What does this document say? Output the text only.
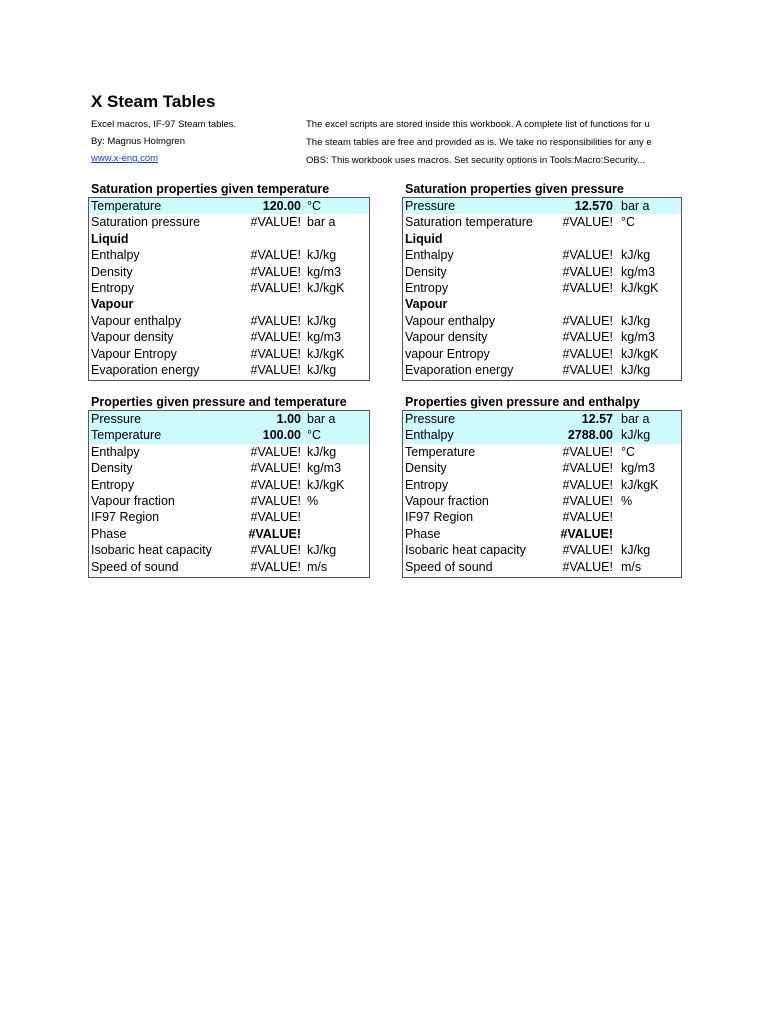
X Steam Tables
Excel macros, IF-97 Steam tables.
By: Magnus Holmgren
www.x-eng.com
The excel scripts are stored inside this workbook. A complete list of functions for u
The steam tables are free and provided as is. We take no responsibilities for any e
OBS: This workbook uses macros. Set security options in Tools:Macro:Security...
Saturation properties given temperature	Saturation properties given pressure
Properties given pressure and temperature	Properties given pressure and enthalpy
Temperature	120.00 °C
Saturation pressure	#VALUE! bar a
Liquid
Enthalpy	#VALUE! kJ/kg
Density	#VALUE! kg/m3
Entropy	#VALUE! kJ/kgK
Vapour
Vapour enthalpy	#VALUE! kJ/kg
Vapour density	#VALUE! kg/m3
Vapour Entropy	#VALUE! kJ/kgK
Evaporation energy	#VALUE! kJ/kg
Pressure	12.570 bar a
Saturation temperature #VALUE! °C
Liquid
Enthalpy	#VALUE! kJ/kg
Density	#VALUE! kg/m3
Entropy	#VALUE! kJ/kgK
Vapour
Vapour enthalpy	#VALUE! kJ/kg
Vapour density	#VALUE! kg/m3
vapour Entropy	#VALUE! kJ/kgK
Evaporation energy	#VALUE! kJ/kg
Pressure	1.00 bar a
Temperature	100.00 °C
Enthalpy	#VALUE! kJ/kg
Density	#VALUE! kg/m3
Entropy	#VALUE! kJ/kgK
Vapour fraction	#VALUE! %
IF97 Region	#VALUE!
Phase	#VALUE!
Isobaric heat capacity	#VALUE! kJ/kg
Speed of sound	#VALUE! m/s
Pressure	12.57 bar a
Enthalpy	2788.00 kJ/kg
Temperature	#VALUE! °C
Density	#VALUE! kg/m3
Entropy	#VALUE! kJ/kgK
Vapour fraction	#VALUE! %
IF97 Region	#VALUE!
Phase	#VALUE!
Isobaric heat capacity	#VALUE! kJ/kg
Speed of sound	#VALUE! m/s
